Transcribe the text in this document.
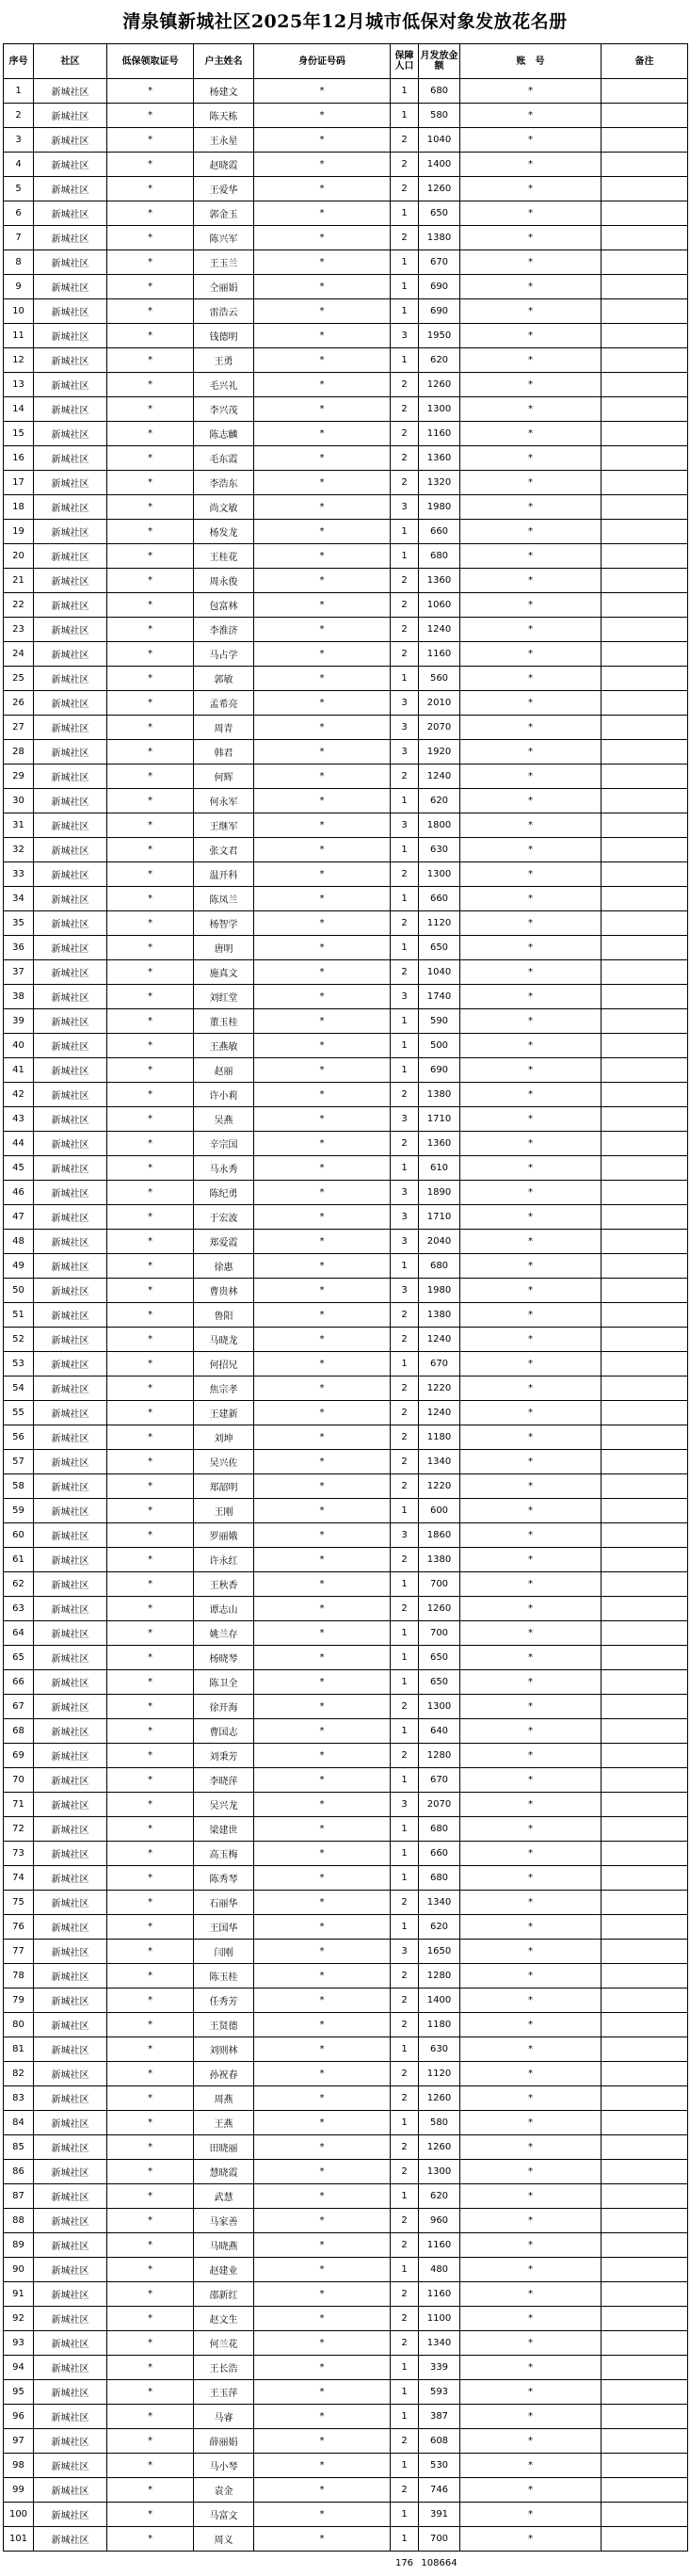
清泉镇新城社区2025年12月城市低保对象发放花名册
序号	社区	低保领取证号	户主姓名	身份证号码	保障人口	月发放金额	账　号	备注
1	新城社区	*	杨建文	*	1	680	*	
2	新城社区	*	陈天栋	*	1	580	*	
3	新城社区	*	王永星	*	2	1040	*	
4	新城社区	*	赵晓霞	*	2	1400	*	
5	新城社区	*	王爱华	*	2	1260	*	
6	新城社区	*	郭金玉	*	1	650	*	
7	新城社区	*	陈兴军	*	2	1380	*	
8	新城社区	*	王玉兰	*	1	670	*	
9	新城社区	*	仝丽娟	*	1	690	*	
10	新城社区	*	雷浩云	*	1	690	*	
11	新城社区	*	钱德明	*	3	1950	*	
12	新城社区	*	王勇	*	1	620	*	
13	新城社区	*	毛兴礼	*	2	1260	*	
14	新城社区	*	李兴茂	*	2	1300	*	
15	新城社区	*	陈志麟	*	2	1160	*	
16	新城社区	*	毛东霞	*	2	1360	*	
17	新城社区	*	李浩东	*	2	1320	*	
18	新城社区	*	尚文敏	*	3	1980	*	
19	新城社区	*	杨发龙	*	1	660	*	
20	新城社区	*	王桂花	*	1	680	*	
21	新城社区	*	周永俊	*	2	1360	*	
22	新城社区	*	包富林	*	2	1060	*	
23	新城社区	*	李淮济	*	2	1240	*	
24	新城社区	*	马占学	*	2	1160	*	
25	新城社区	*	郭敏	*	1	560	*	
26	新城社区	*	孟希亮	*	3	2010	*	
27	新城社区	*	周青	*	3	2070	*	
28	新城社区	*	韩君	*	3	1920	*	
29	新城社区	*	何辉	*	2	1240	*	
30	新城社区	*	何永军	*	1	620	*	
31	新城社区	*	王继军	*	3	1800	*	
32	新城社区	*	张文君	*	1	630	*	
33	新城社区	*	温开科	*	2	1300	*	
34	新城社区	*	陈凤兰	*	1	660	*	
35	新城社区	*	杨智学	*	2	1120	*	
36	新城社区	*	唐明	*	1	650	*	
37	新城社区	*	施真文	*	2	1040	*	
38	新城社区	*	刘红堂	*	3	1740	*	
39	新城社区	*	董玉桂	*	1	590	*	
40	新城社区	*	王燕敏	*	1	500	*	
41	新城社区	*	赵丽	*	1	690	*	
42	新城社区	*	许小莉	*	2	1380	*	
43	新城社区	*	吴燕	*	3	1710	*	
44	新城社区	*	辛宗国	*	2	1360	*	
45	新城社区	*	马永秀	*	1	610	*	
46	新城社区	*	陈纪勇	*	3	1890	*	
47	新城社区	*	于宏波	*	3	1710	*	
48	新城社区	*	郑爱霞	*	3	2040	*	
49	新城社区	*	徐惠	*	1	680	*	
50	新城社区	*	曹贵林	*	3	1980	*	
51	新城社区	*	鲁阳	*	2	1380	*	
52	新城社区	*	马晓龙	*	2	1240	*	
53	新城社区	*	何招兄	*	1	670	*	
54	新城社区	*	焦宗孝	*	2	1220	*	
55	新城社区	*	王建新	*	2	1240	*	
56	新城社区	*	刘坤	*	2	1180	*	
57	新城社区	*	吴兴佐	*	2	1340	*	
58	新城社区	*	郑韶明	*	2	1220	*	
59	新城社区	*	王刚	*	1	600	*	
60	新城社区	*	罗丽娥	*	3	1860	*	
61	新城社区	*	许永红	*	2	1380	*	
62	新城社区	*	王秋香	*	1	700	*	
63	新城社区	*	谭志山	*	2	1260	*	
64	新城社区	*	姚兰存	*	1	700	*	
65	新城社区	*	杨晓琴	*	1	650	*	
66	新城社区	*	陈卫全	*	1	650	*	
67	新城社区	*	徐开海	*	2	1300	*	
68	新城社区	*	曹国志	*	1	640	*	
69	新城社区	*	刘秉芳	*	2	1280	*	
70	新城社区	*	李晓萍	*	1	670	*	
71	新城社区	*	吴兴龙	*	3	2070	*	
72	新城社区	*	梁建世	*	1	680	*	
73	新城社区	*	高玉梅	*	1	660	*	
74	新城社区	*	陈秀琴	*	1	680	*	
75	新城社区	*	石丽华	*	2	1340	*	
76	新城社区	*	王国华	*	1	620	*	
77	新城社区	*	闫刚	*	3	1650	*	
78	新城社区	*	陈玉桂	*	2	1280	*	
79	新城社区	*	任秀芳	*	2	1400	*	
80	新城社区	*	王贤德	*	2	1180	*	
81	新城社区	*	刘则林	*	1	630	*	
82	新城社区	*	孙祝春	*	2	1120	*	
83	新城社区	*	周燕	*	2	1260	*	
84	新城社区	*	王燕	*	1	580	*	
85	新城社区	*	田晓丽	*	2	1260	*	
86	新城社区	*	慧晓霞	*	2	1300	*	
87	新城社区	*	武慧	*	1	620	*	
88	新城社区	*	马家善	*	2	960	*	
89	新城社区	*	马晓燕	*	2	1160	*	
90	新城社区	*	赵建业	*	1	480	*	
91	新城社区	*	邵新红	*	2	1160	*	
92	新城社区	*	赵文生	*	2	1100	*	
93	新城社区	*	何兰花	*	2	1340	*	
94	新城社区	*	王长浩	*	1	339	*	
95	新城社区	*	王玉萍	*	1	593	*	
96	新城社区	*	马睿	*	1	387	*	
97	新城社区	*	薛丽娟	*	2	608	*	
98	新城社区	*	马小琴	*	1	530	*	
99	新城社区	*	袁金	*	2	746	*	
100	新城社区	*	马富文	*	1	391	*	
101	新城社区	*	周义	*	1	700	*	
					176	108664		
